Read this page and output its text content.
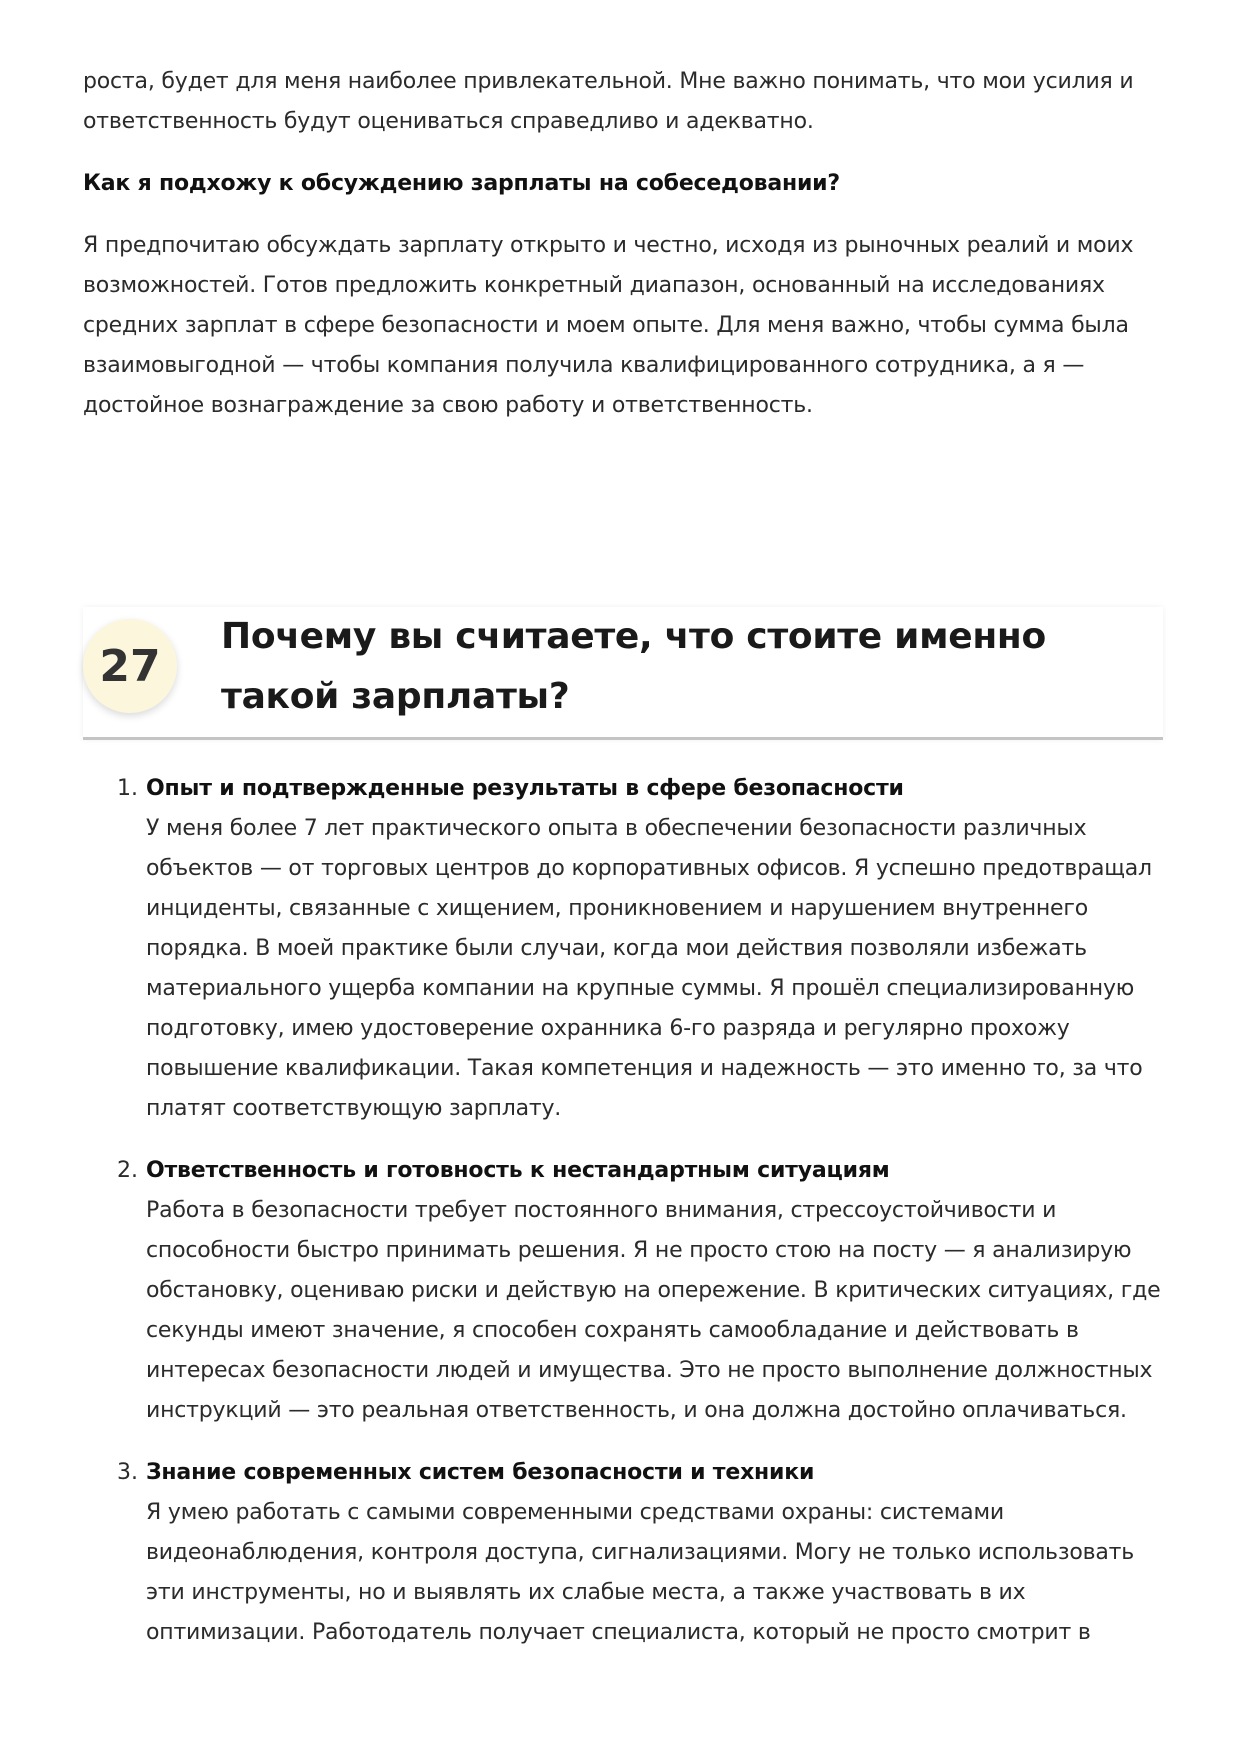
роста, будет для меня наиболее привлекательной. Мне важно понимать, что мои усилия и ответственность будут оцениваться справедливо и адекватно.

Как я подхожу к обсуждению зарплаты на собеседовании?

Я предпочитаю обсуждать зарплату открыто и честно, исходя из рыночных реалий и моих возможностей. Готов предложить конкретный диапазон, основанный на исследованиях средних зарплат в сфере безопасности и моем опыте. Для меня важно, чтобы сумма была взаимовыгодной — чтобы компания получила квалифицированного сотрудника, а я — достойное вознаграждение за свою работу и ответственность.

27
Почему вы считаете, что стоите именно такой зарплаты?
1. Опыт и подтвержденные результаты в сфере безопасности

У меня более 7 лет практического опыта в обеспечении безопасности различных объектов — от торговых центров до корпоративных офисов. Я успешно предотвращал инциденты, связанные с хищением, проникновением и нарушением внутреннего порядка. В моей практике были случаи, когда мои действия позволяли избежать материального ущерба компании на крупные суммы. Я прошёл специализированную подготовку, имею удостоверение охранника 6-го разряда и регулярно прохожу повышение квалификации. Такая компетенция и надежность — это именно то, за что платят соответствующую зарплату.

2. Ответственность и готовность к нестандартным ситуациям

Работа в безопасности требует постоянного внимания, стрессоустойчивости и способности быстро принимать решения. Я не просто стою на посту — я анализирую обстановку, оцениваю риски и действую на опережение. В критических ситуациях, где секунды имеют значение, я способен сохранять самообладание и действовать в интересах безопасности людей и имущества. Это не просто выполнение должностных инструкций — это реальная ответственность, и она должна достойно оплачиваться.

3. Знание современных систем безопасности и техники

Я умею работать с самыми современными средствами охраны: системами видеонаблюдения, контроля доступа, сигнализациями. Могу не только использовать эти инструменты, но и выявлять их слабые места, а также участвовать в их оптимизации. Работодатель получает специалиста, который не просто смотрит в
